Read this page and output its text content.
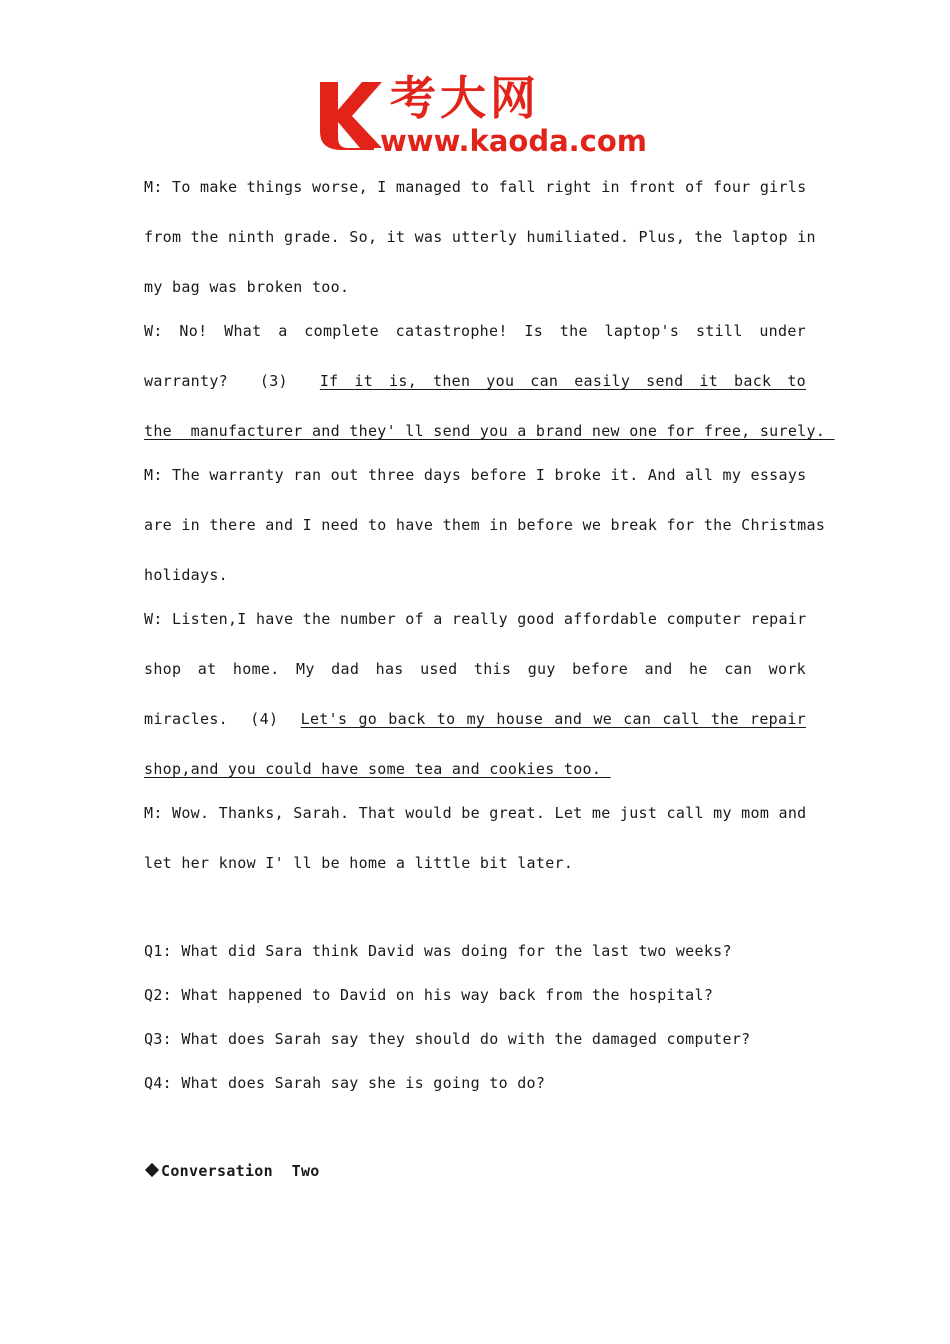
考大网
www.kaoda.com

M: To make things worse, I managed to fall right in front of four girls

from the ninth grade. So, it was utterly humiliated. Plus, the laptop in

my bag was broken too.

W: No! What a complete catastrophe! Is the laptop's still under

warranty?  (3)  If it is, then you can easily send it back to

the  manufacturer and they' ll send you a brand new one for free, surely.

M: The warranty ran out three days before I broke it. And all my essays

are in there and I need to have them in before we break for the Christmas

holidays.

W: Listen,I have the number of a really good affordable computer repair

shop at home. My dad has used this guy before and he can work

miracles.  (4)  Let's go back to my house and we can call the repair

shop,and you could have some tea and cookies too.

M: Wow. Thanks, Sarah. That would be great. Let me just call my mom and

let her know I' ll be home a little bit later.

Q1: What did Sara think David was doing for the last two weeks?

Q2: What happened to David on his way back from the hospital?

Q3: What does Sarah say they should do with the damaged computer?

Q4: What does Sarah say she is going to do?

Conversation  Two
